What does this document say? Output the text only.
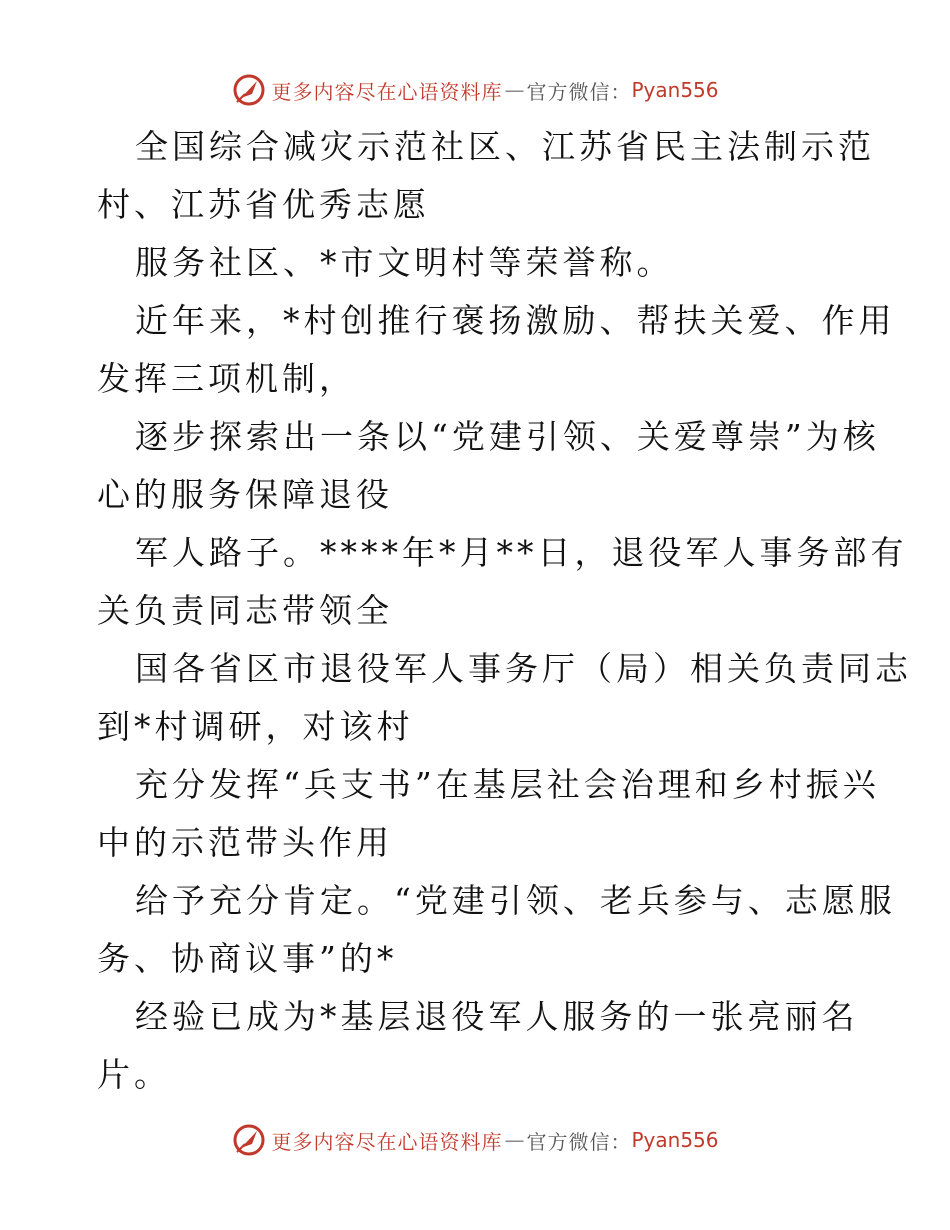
更多内容尽在心语资料库 — 官方微信： Pyan556
全国综合减灾示范社区、江苏省民主法制示范
村、江苏省优秀志愿
服务社区、*市文明村等荣誉称。
近年来，*村创推行褒扬激励、帮扶关爱、作用
发挥三项机制，
逐步探索出一条以“党建引领、关爱尊崇”为核
心的服务保障退役
军人路子。****年*月**日，退役军人事务部有
关负责同志带领全
国各省区市退役军人事务厅（局）相关负责同志
到*村调研，对该村
充分发挥“兵支书”在基层社会治理和乡村振兴
中的示范带头作用
给予充分肯定。“党建引领、老兵参与、志愿服
务、协商议事”的*
经验已成为*基层退役军人服务的一张亮丽名
片。
更多内容尽在心语资料库 — 官方微信： Pyan556
